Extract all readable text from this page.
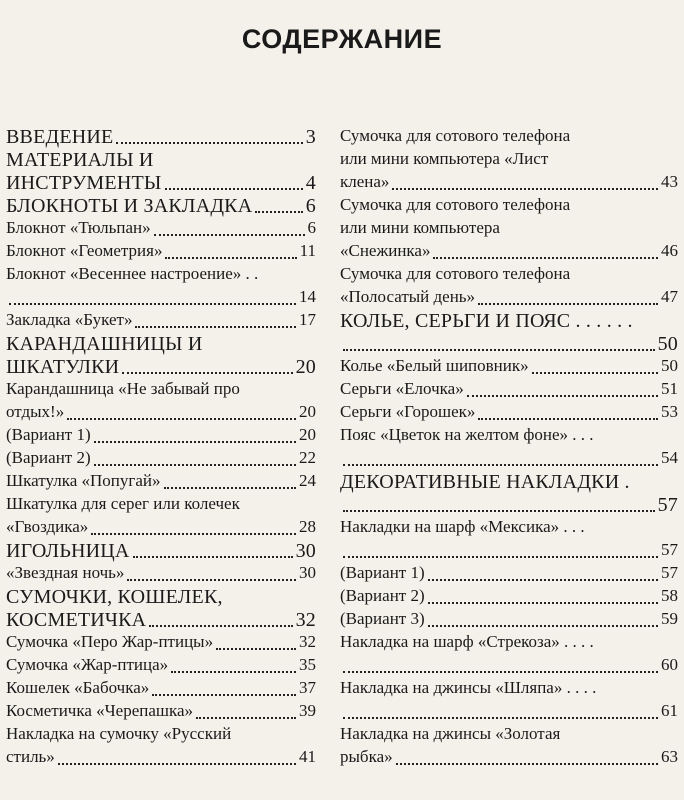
СОДЕРЖАНИЕ
ВВЕДЕНИЕ	3
МАТЕРИАЛЫ И
ИНСТРУМЕНТЫ	4
БЛОКНОТЫ И ЗАКЛАДКА	6
Блокнот «Тюльпан»	6
Блокнот «Геометрия»	11
Блокнот «Весеннее настроение» . .
14
Закладка «Букет»	17
КАРАНДАШНИЦЫ И
ШКАТУЛКИ	20
Карандашница «Не забывай про
отдых!»	20
(Вариант 1)	20
(Вариант 2)	22
Шкатулка «Попугай»	24
Шкатулка для серег или колечек
«Гвоздика»	28
ИГОЛЬНИЦА	30
«Звездная ночь»	30
СУМОЧКИ, КОШЕЛЕК,
КОСМЕТИЧКА	32
Сумочка «Перо Жар-птицы»	32
Сумочка «Жар-птица»	35
Кошелек «Бабочка»	37
Косметичка «Черепашка»	39
Накладка на сумочку «Русский
стиль»	41
Сумочка для сотового телефона
или мини компьютера «Лист
клена»	43
Сумочка для сотового телефона
или мини компьютера
«Снежинка»	46
Сумочка для сотового телефона
«Полосатый день»	47
КОЛЬЕ, СЕРЬГИ И ПОЯС . . . . . .
50
Колье «Белый шиповник»	50
Серьги «Елочка»	51
Серьги «Горошек»	53
Пояс «Цветок на желтом фоне» . . .
54
ДЕКОРАТИВНЫЕ НАКЛАДКИ .
57
Накладки на шарф «Мексика» . . .
57
(Вариант 1)	57
(Вариант 2)	58
(Вариант 3)	59
Накладка на шарф «Стрекоза» . . . .
60
Накладка на джинсы «Шляпа» . . . .
61
Накладка на джинсы «Золотая
рыбка»	63
